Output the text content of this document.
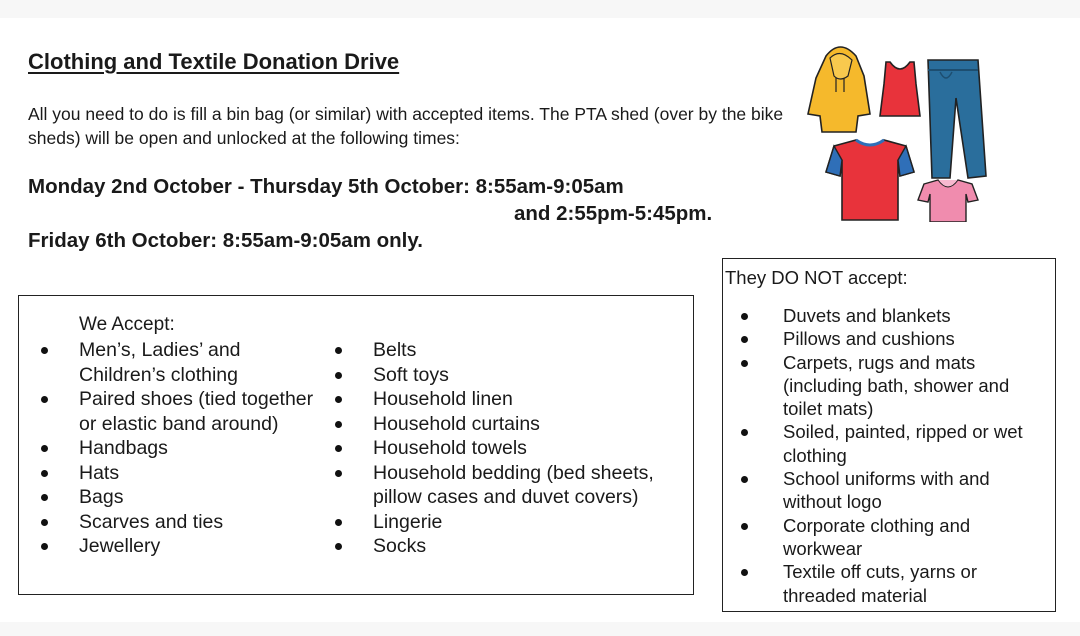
Clothing and Textile Donation Drive
All you need to do is fill a bin bag (or similar) with accepted items. The PTA shed (over by the bike sheds) will be open and unlocked at the following times:
Monday 2nd October - Thursday 5th October: 8:55am-9:05am
and 2:55pm-5:45pm.
Friday 6th October: 8:55am-9:05am only.
We Accept:
Men’s, Ladies’ and Children’s clothing
Paired shoes (tied together or elastic band around)
Handbags
Hats
Bags
Scarves and ties
Jewellery
Belts
Soft toys
Household linen
Household curtains
Household towels
Household bedding (bed sheets, pillow cases and duvet covers)
Lingerie
Socks
They DO NOT accept:
Duvets and blankets
Pillows and cushions
Carpets, rugs and mats (including bath, shower and toilet mats)
Soiled, painted, ripped or wet clothing
School uniforms with and without logo
Corporate clothing and workwear
Textile off cuts, yarns or threaded material
